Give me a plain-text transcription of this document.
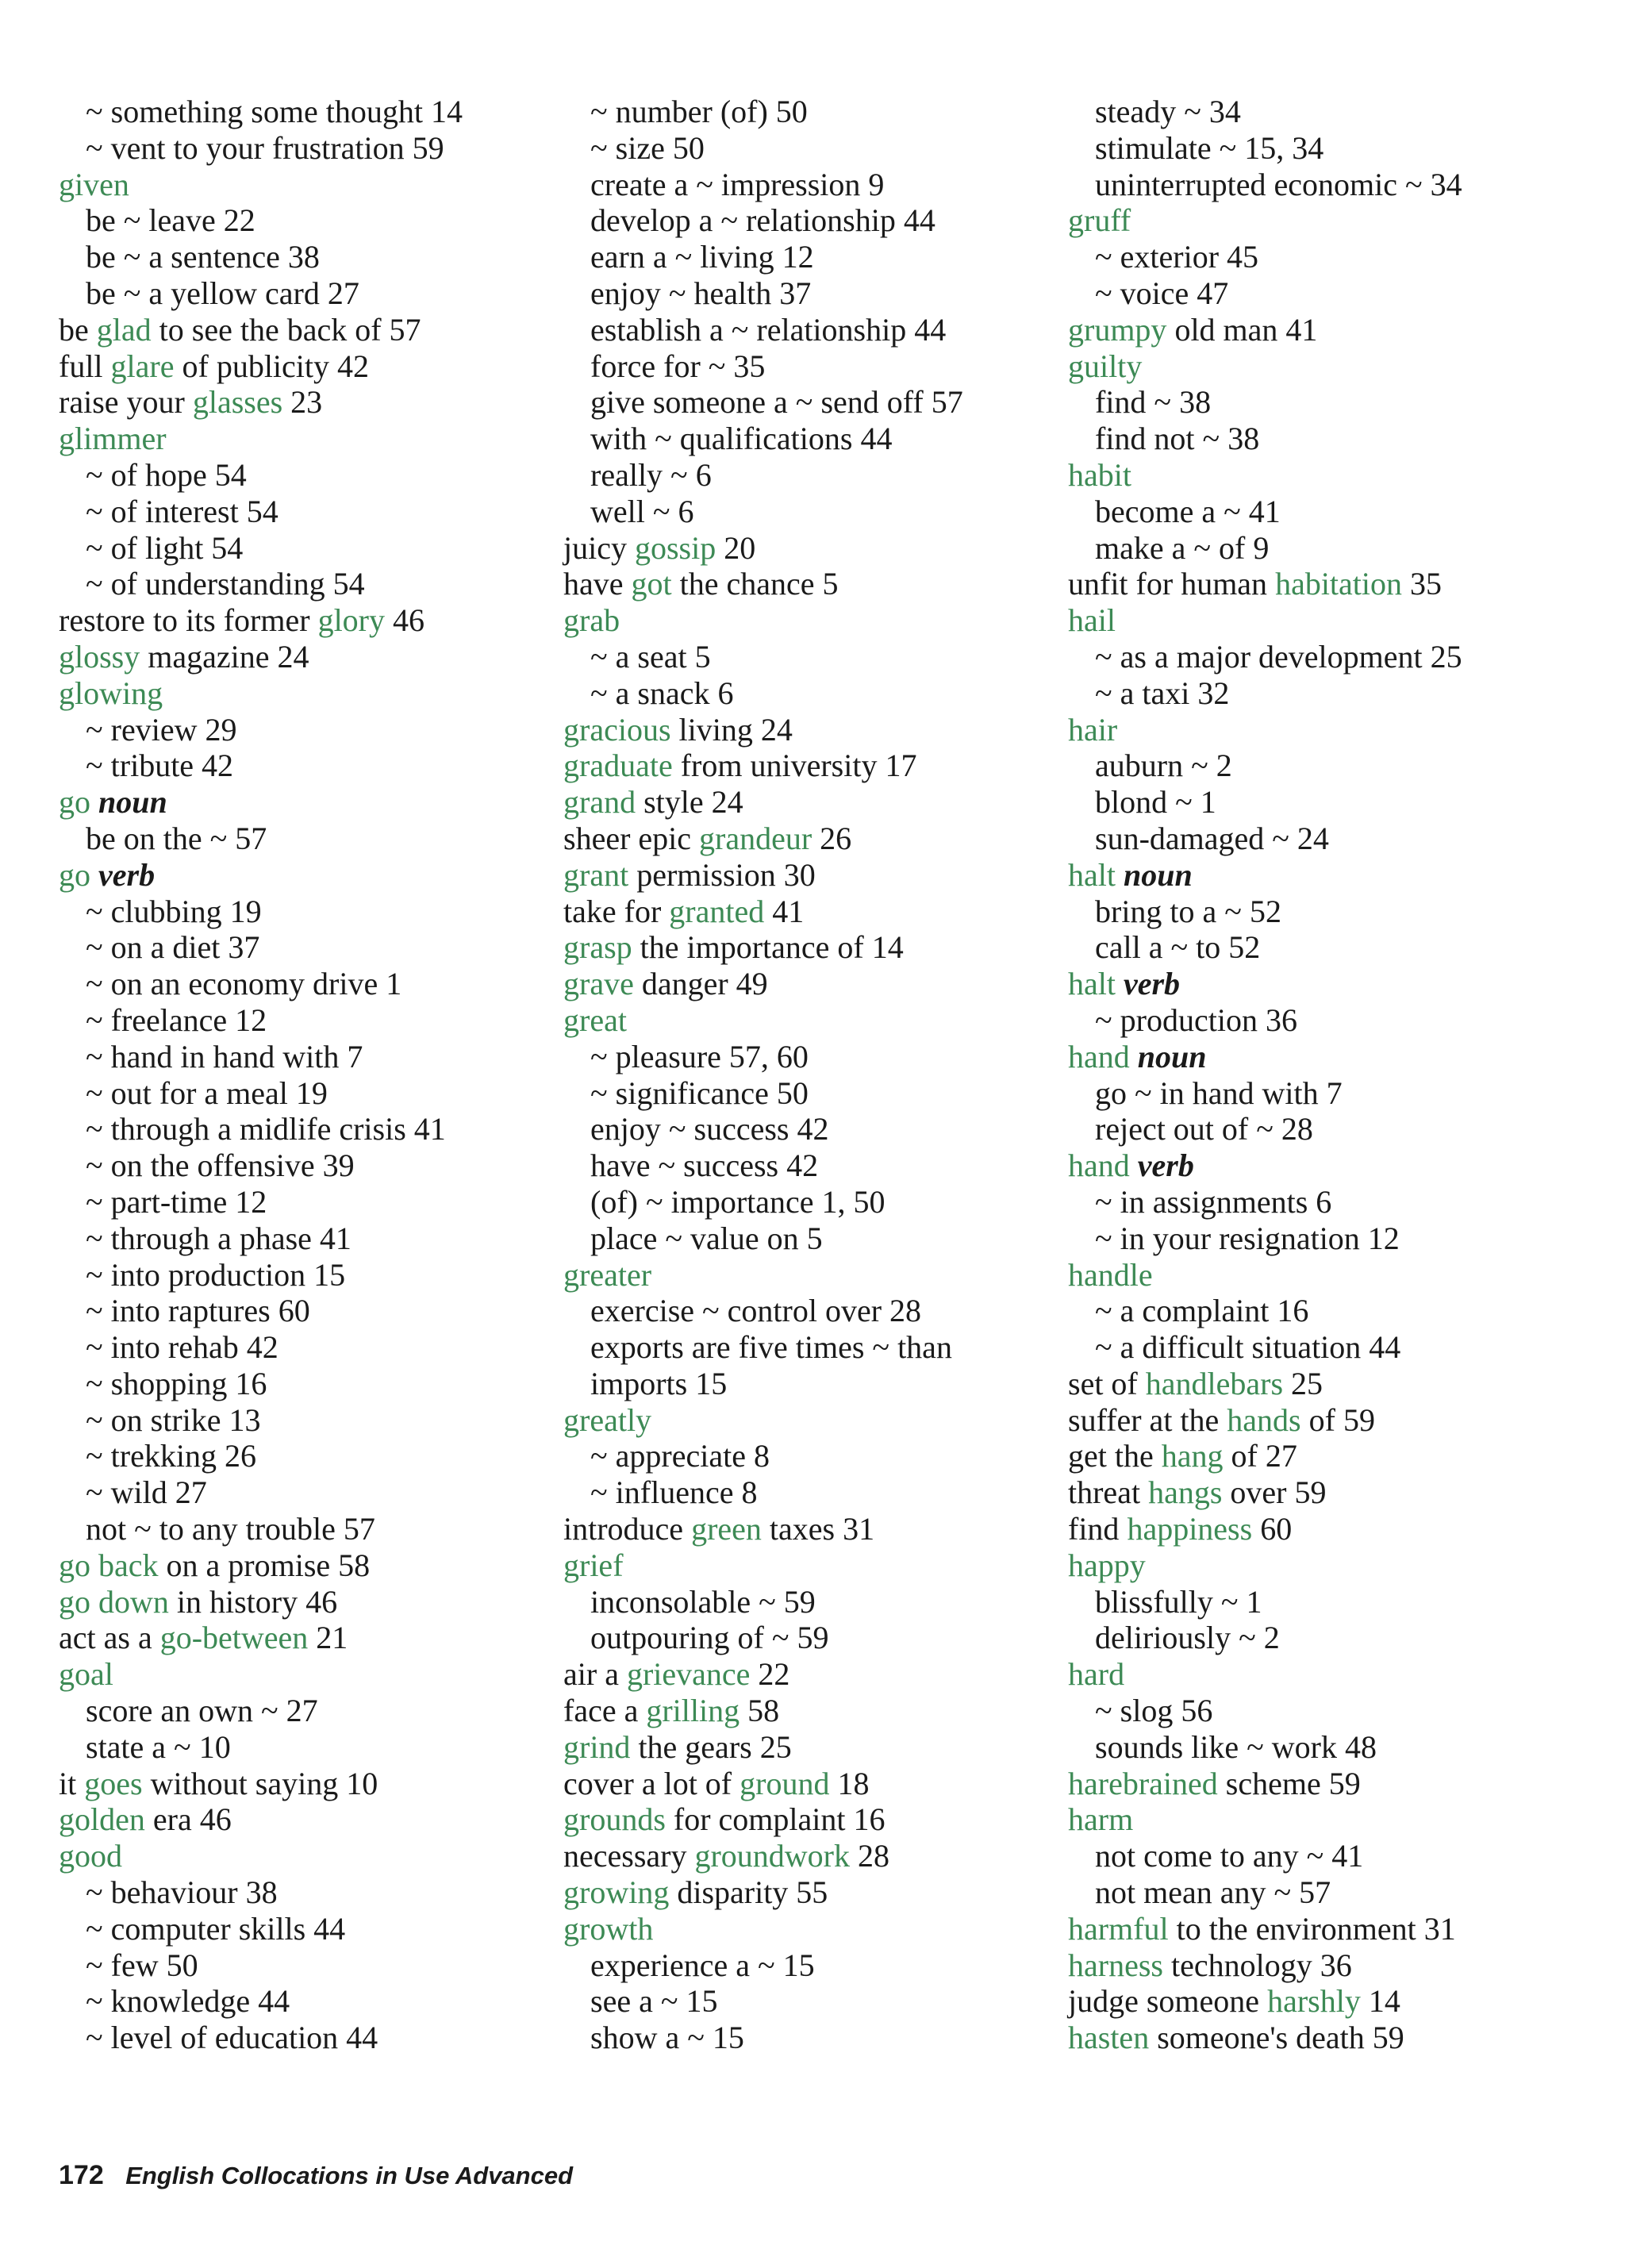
~ something some thought 14
~ vent to your frustration 59
given
be ~ leave 22
be ~ a sentence 38
be ~ a yellow card 27
be glad to see the back of 57
full glare of publicity 42
raise your glasses 23
glimmer
~ of hope 54
~ of interest 54
~ of light 54
~ of understanding 54
restore to its former glory 46
glossy magazine 24
glowing
~ review 29
~ tribute 42
go noun
be on the ~ 57
go verb
~ clubbing 19
~ on a diet 37
~ on an economy drive 1
~ freelance 12
~ hand in hand with 7
~ out for a meal 19
~ through a midlife crisis 41
~ on the offensive 39
~ part-time 12
~ through a phase 41
~ into production 15
~ into raptures 60
~ into rehab 42
~ shopping 16
~ on strike 13
~ trekking 26
~ wild 27
not ~ to any trouble 57
go back on a promise 58
go down in history 46
act as a go-between 21
goal
score an own ~ 27
state a ~ 10
it goes without saying 10
golden era 46
good
~ behaviour 38
~ computer skills 44
~ few 50
~ knowledge 44
~ level of education 44
~ number (of) 50
~ size 50
create a ~ impression 9
develop a ~ relationship 44
earn a ~ living 12
enjoy ~ health 37
establish a ~ relationship 44
force for ~ 35
give someone a ~ send off 57
with ~ qualifications 44
really ~ 6
well ~ 6
juicy gossip 20
have got the chance 5
grab
~ a seat 5
~ a snack 6
gracious living 24
graduate from university 17
grand style 24
sheer epic grandeur 26
grant permission 30
take for granted 41
grasp the importance of 14
grave danger 49
great
~ pleasure 57, 60
~ significance 50
enjoy ~ success 42
have ~ success 42
(of) ~ importance 1, 50
place ~ value on 5
greater
exercise ~ control over 28
exports are five times ~ than
imports 15
greatly
~ appreciate 8
~ influence 8
introduce green taxes 31
grief
inconsolable ~ 59
outpouring of ~ 59
air a grievance 22
face a grilling 58
grind the gears 25
cover a lot of ground 18
grounds for complaint 16
necessary groundwork 28
growing disparity 55
growth
experience a ~ 15
see a ~ 15
show a ~ 15
steady ~ 34
stimulate ~ 15, 34
uninterrupted economic ~ 34
gruff
~ exterior 45
~ voice 47
grumpy old man 41
guilty
find ~ 38
find not ~ 38
habit
become a ~ 41
make a ~ of 9
unfit for human habitation 35
hail
~ as a major development 25
~ a taxi 32
hair
auburn ~ 2
blond ~ 1
sun-damaged ~ 24
halt noun
bring to a ~ 52
call a ~ to 52
halt verb
~ production 36
hand noun
go ~ in hand with 7
reject out of ~ 28
hand verb
~ in assignments 6
~ in your resignation 12
handle
~ a complaint 16
~ a difficult situation 44
set of handlebars 25
suffer at the hands of 59
get the hang of 27
threat hangs over 59
find happiness 60
happy
blissfully ~ 1
deliriously ~ 2
hard
~ slog 56
sounds like ~ work 48
harebrained scheme 59
harm
not come to any ~ 41
not mean any ~ 57
harmful to the environment 31
harness technology 36
judge someone harshly 14
hasten someone's death 59
172 English Collocations in Use Advanced
